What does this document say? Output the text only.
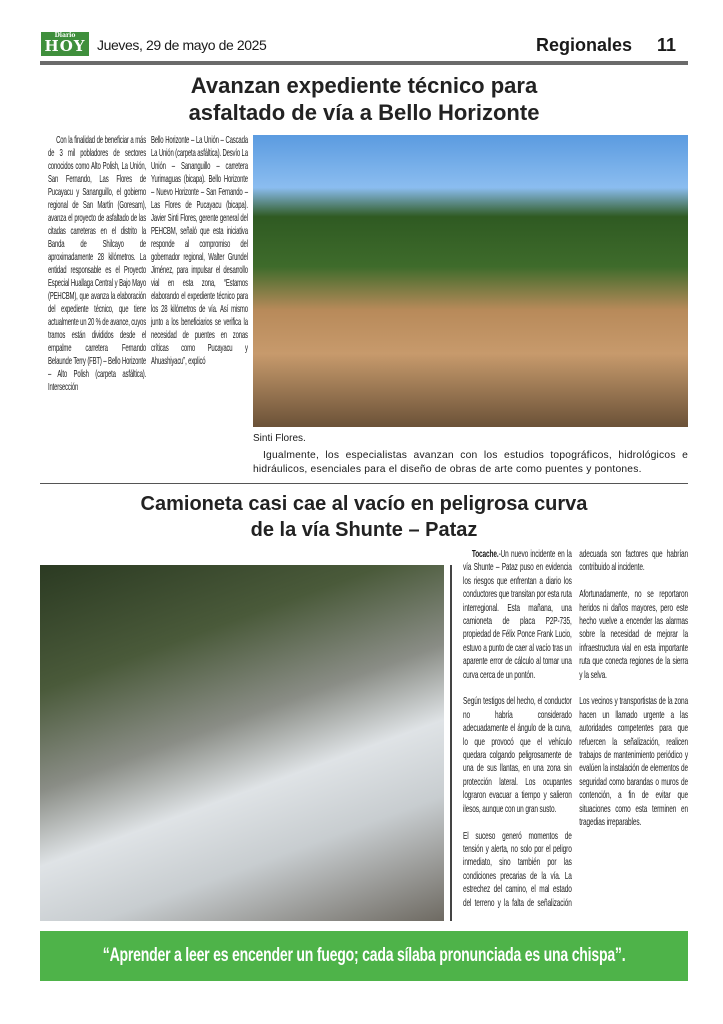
Diario
HOY Jueves, 29 de mayo de 2025	Regionales 11
Avanzan expediente técnico para
asfaltado de vía a Bello Horizonte
Con la finalidad de beneficiar a más de 3 mil pobladores de sectores conocidos como Alto Polish, La Unión, San Fernando, Las Flores de Pucayacu y Sananguillo, el gobierno regional de San Martín (Goresam), avanza el proyecto de asfaltado de las citadas carreteras en el distrito la Banda de Shilcayo de aproximadamente 28 kilómetros. La entidad responsable es el Proyecto Especial Huallaga Central y Bajo Mayo (PEHCBM), que avanza la elaboración del expediente técnico, que tiene actualmente un 20 % de avance, cuyos tramos están divididos desde el empalme carretera Fernando Belaunde Terry (FBT) – Bello Horizonte – Alto Polish (carpeta asfáltica). Intersección
Bello Horizonte – La Unión – Cascada La Unión (carpeta asfáltica). Desvío La Unión – Sananguillo – carretera Yurimaguas (bicapa). Bello Horizonte – Nuevo Horizonte – San Fernando – Las Flores de Pucayacu (bicapa). Javier Sinti Flores, gerente general del PEHCBM, señaló que esta iniciativa responde al compromiso del gobernador regional, Walter Grundel Jiménez, para impulsar el desarrollo vial en esta zona, “Estamos elaborando el expediente técnico para los 28 kilómetros de vía. Así mismo junto a los beneficiarios se verifica la necesidad de puentes en zonas críticas como Pucayacu y Ahuashiyacu”, explicó
Sinti Flores.
Igualmente, los especialistas avanzan con los estudios topográficos, hidrológicos e hidráulicos, esenciales para el diseño de obras de arte como puentes y pontones.
Camioneta casi cae al vacío en peligrosa curva
de la vía Shunte – Pataz

Tocache.-Un nuevo incidente en la vía Shunte – Pataz puso en evidencia los riesgos que enfrentan a diario los conductores que transitan por esta ruta interregional. Esta mañana, una camioneta de placa P2P-735, propiedad de Félix Ponce Frank Lucio, estuvo a punto de caer al vacío tras un aparente error de cálculo al tomar una curva cerca de un pontón.

Según testigos del hecho, el conductor no habría considerado adecuadamente el ángulo de la curva, lo que provocó que el vehículo quedara colgando peligrosamente de una de sus llantas, en una zona sin protección lateral. Los ocupantes lograron evacuar a tiempo y salieron ilesos, aunque con un gran susto.

El suceso generó momentos de tensión y alerta, no solo por el peligro inmediato, sino también por las condiciones precarias de la vía. La estrechez del camino, el mal estado del terreno y la falta de señalización adecuada son factores que habrían contribuido al incidente.

Afortunadamente, no se reportaron heridos ni daños mayores, pero este hecho vuelve a encender las alarmas sobre la necesidad de mejorar la infraestructura vial en esta importante ruta que conecta regiones de la sierra y la selva.

Los vecinos y transportistas de la zona hacen un llamado urgente a las autoridades competentes para que refuercen la señalización, realicen trabajos de mantenimiento periódico y evalúen la instalación de elementos de seguridad como barandas o muros de contención, a fin de evitar que situaciones como esta terminen en tragedias irreparables.

“Aprender a leer es encender un fuego; cada sílaba pronunciada es una chispa”.
